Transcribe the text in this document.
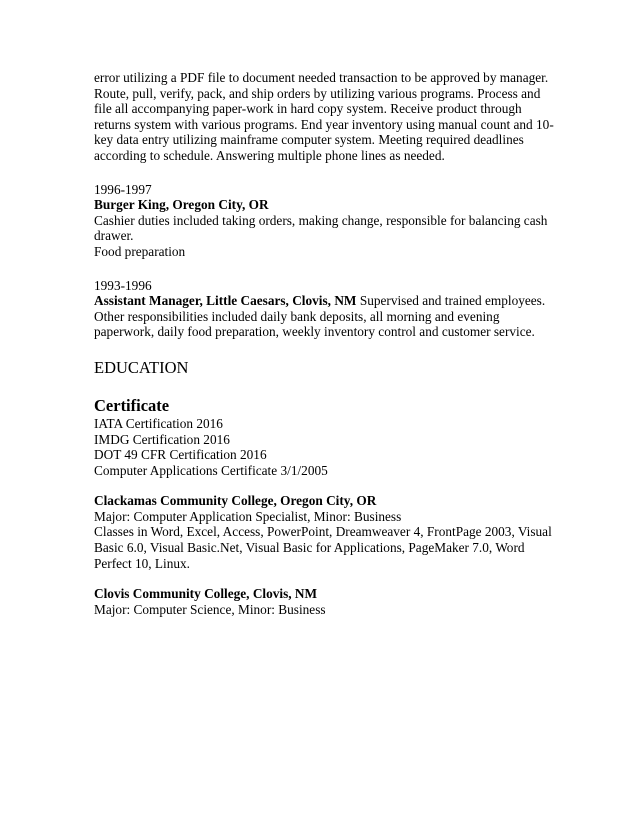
error utilizing a PDF file to document needed transaction to be approved by manager. Route, pull, verify, pack, and ship orders by utilizing various programs. Process and file all accompanying paper-work in hard copy system. Receive product through returns system with various programs. End year inventory using manual count and 10-key data entry utilizing mainframe computer system. Meeting required deadlines according to schedule. Answering multiple phone lines as needed.

1996-1997

Burger King, Oregon City, OR

Cashier duties included taking orders, making change, responsible for balancing cash drawer.

Food preparation

1993-1996

Assistant Manager, Little Caesars, Clovis, NM Supervised and trained employees. Other responsibilities included daily bank deposits, all morning and evening paperwork, daily food preparation, weekly inventory control and customer service.

EDUCATION

Certificate

IATA Certification 2016

IMDG Certification 2016

DOT 49 CFR Certification 2016

Computer Applications Certificate 3/1/2005

Clackamas Community College, Oregon City, OR

Major: Computer Application Specialist, Minor: Business

Classes in Word, Excel, Access, PowerPoint, Dreamweaver 4, FrontPage 2003, Visual Basic 6.0, Visual Basic.Net, Visual Basic for Applications, PageMaker 7.0, Word Perfect 10, Linux.

Clovis Community College, Clovis, NM

Major: Computer Science, Minor: Business
